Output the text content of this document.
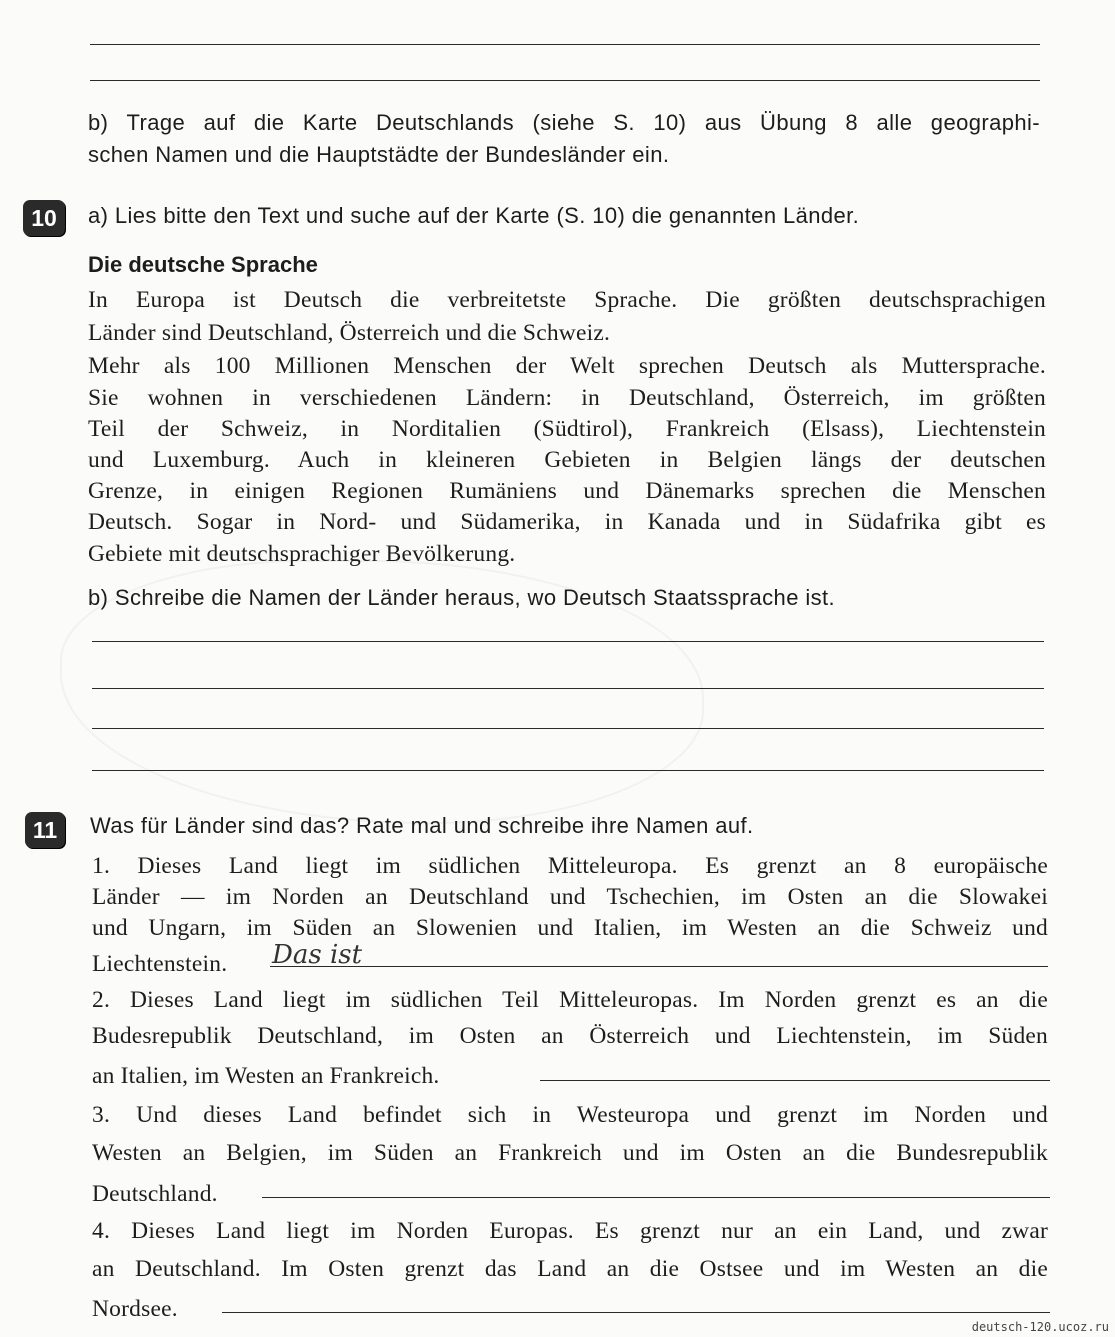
b) Trage auf die Karte Deutschlands (siehe S. 10) aus Übung 8 alle geographi-
schen Namen und die Hauptstädte der Bundesländer ein.
10	a) Lies bitte den Text und suche auf der Karte (S. 10) die genannten Länder.
Die deutsche Sprache
In Europa ist Deutsch die verbreitetste Sprache. Die größten deutschsprachigen
Länder sind Deutschland, Österreich und die Schweiz.
Mehr als 100 Millionen Menschen der Welt sprechen Deutsch als Muttersprache.
Sie wohnen in verschiedenen Ländern: in Deutschland, Österreich, im größten
Teil der Schweiz, in Norditalien (Südtirol), Frankreich (Elsass), Liechtenstein
und Luxemburg. Auch in kleineren Gebieten in Belgien längs der deutschen
Grenze, in einigen Regionen Rumäniens und Dänemarks sprechen die Menschen
Deutsch. Sogar in Nord- und Südamerika, in Kanada und in Südafrika gibt es
Gebiete mit deutschsprachiger Bevölkerung.
b) Schreibe die Namen der Länder heraus, wo Deutsch Staatssprache ist.
11	Was für Länder sind das? Rate mal und schreibe ihre Namen auf.
1. Dieses Land liegt im südlichen Mitteleuropa. Es grenzt an 8 europäische
Länder — im Norden an Deutschland und Tschechien, im Osten an die Slowakei
und Ungarn, im Süden an Slowenien und Italien, im Westen an die Schweiz und
Liechtenstein. Das ist
2. Dieses Land liegt im südlichen Teil Mitteleuropas. Im Norden grenzt es an die
Budesrepublik Deutschland, im Osten an Österreich und Liechtenstein, im Süden
an Italien, im Westen an Frankreich.
3. Und dieses Land befindet sich in Westeuropa und grenzt im Norden und
Westen an Belgien, im Süden an Frankreich und im Osten an die Bundesrepublik
Deutschland.
4. Dieses Land liegt im Norden Europas. Es grenzt nur an ein Land, und zwar
an Deutschland. Im Osten grenzt das Land an die Ostsee und im Westen an die
Nordsee.
deutsch-120.ucoz.ru
